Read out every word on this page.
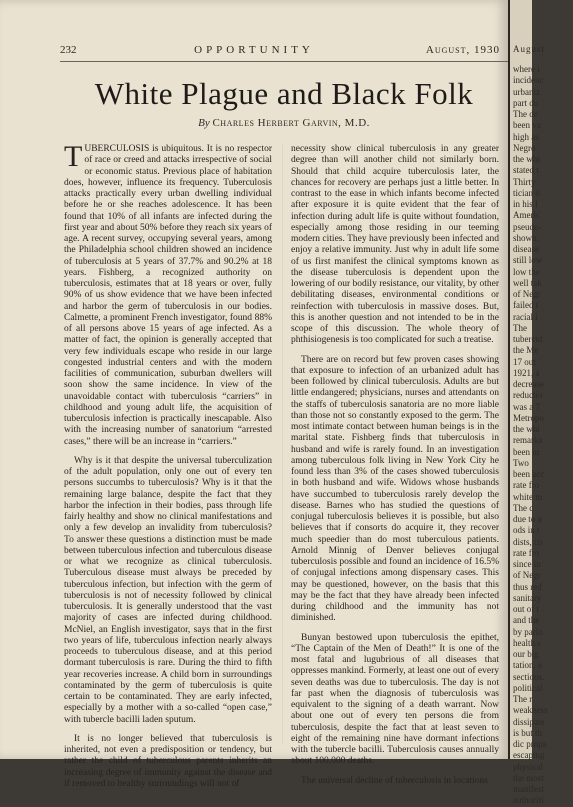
232	OPPORTUNITY	August, 1930
White Plague and Black Folk
By Charles Herbert Garvin, M.D.

TUBERCULOSIS is ubiquitous. It is no respector of race or creed and attacks irrespective of social or economic status. Previous place of habitation does, however, influence its frequency. Tuberculosis attacks practically every urban dwelling individual before he or she reaches adolescence. It has been found that 10% of all infants are infected during the first year and about 50% before they reach six years of age. A recent survey, occupying several years, among the Philadelphia school children showed an incidence of tuberculosis at 5 years of 37.7% and 90.2% at 18 years. Fishberg, a recognized authority on tuberculosis, estimates that at 18 years or over, fully 90% of us show evidence that we have been infected and harbor the germ of tuberculosis in our bodies. Calmette, a prominent French investigator, found 88% of all persons above 15 years of age infected. As a matter of fact, the opinion is generally accepted that very few individuals escape who reside in our large congested industrial centers and with the modern facilities of communication, suburban dwellers will soon show the same incidence. In view of the unavoidable contact with tuberculosis “carriers” in childhood and young adult life, the acquisition of tuberculosis infection is practically inescapable. Also with the increasing number of sanatorium “arrested cases,” there will be an increase in “carriers.”

Why is it that despite the universal tuberculization of the adult population, only one out of every ten persons succumbs to tuberculosis? Why is it that the remaining large balance, despite the fact that they harbor the infection in their bodies, pass through life fairly healthy and show no clinical manifestations and only a few develop an invalidity from tuberculosis? To answer these questions a distinction must be made between tuberculous infection and tuberculous disease or what we recognize as clinical tuberculosis. Tuberculous disease must always be preceded by tuberculous infection, but infection with the germ of tuberculosis is not of necessity followed by clinical tuberculosis. It is generally understood that the vast majority of cases are infected during childhood. McNiel, an English investigator, says that in the first two years of life, tuberculous infection nearly always proceeds to tuberculous disease, and at this period dormant tuberculosis is rare. During the third to fifth year recoveries increase. A child born in surroundings contaminated by the germ of tuberculosis is quite certain to be contaminated. They are early infected, especially by a mother with a so-called “open case,” with tubercle bacilli laden sputum.

It is no longer believed that tuberculosis is inherited, not even a predisposition or tendency, but rather the child of tuberculous parents inherits an increasing degree of immunity against the disease and if removed to healthy surroundings will not of

necessity show clinical tuberculosis in any greater degree than will another child not similarly born. Should that child acquire tuberculosis later, the chances for recovery are perhaps just a little better. In contrast to the ease in which infants become infected after exposure it is quite evident that the fear of infection during adult life is quite without foundation, especially among those residing in our teeming modern cities. They have previously been infected and enjoy a relative immunity. Just why in adult life some of us first manifest the clinical symptoms known as the disease tuberculosis is dependent upon the lowering of our bodily resistance, our vitality, by other debilitating diseases, environmental conditions or reinfection with tuberculosis in massive doses. But, this is another question and not intended to be in the scope of this discussion. The whole theory of phthisiogenesis is too complicated for such a treatise.

There are on record but few proven cases showing that exposure to infection of an urbanized adult has been followed by clinical tuberculosis. Adults are but little endangered; physicians, nurses and attendants on the staffs of tuberculosis sanatoria are no more liable than those not so constantly exposed to the germ. The most intimate contact between human beings is in the marital state. Fishberg finds that tuberculosis in husband and wife is rarely found. In an investigation among tuberculous folk living in New York City he found less than 3% of the cases showed tuberculosis in both husband and wife. Widows whose husbands have succumbed to tuberculosis rarely develop the disease. Barnes who has studied the questions of conjugal tuberculosis believes it is possible, but also believes that if consorts do acquire it, they recover much speedier than do most tuberculous patients. Arnold Minnig of Denver believes conjugal tuberculosis possible and found an incidence of 16.5% of conjugal infections among dispensary cases. This may be questioned, however, on the basis that this may be the fact that they have already been infected during childhood and the immunity has not diminished.

Bunyan bestowed upon tuberculosis the epithet, “The Captain of the Men of Death!” It is one of the most fatal and lugubrious of all diseases that oppresses mankind. Formerly, at least one out of every seven deaths was due to tuberculosis. The day is not far past when the diagnosis of tuberculosis was equivalent to the signing of a death warrant. Now about one out of every ten persons die from tuberculosis, despite the fact that at least seven to eight of the remaining nine have dormant infections with the tubercle bacilli. Tuberculosis causes annually about 100,000 deaths.

The universal decline of tuberculosis in locations

August
where i
incidenc
urbaniz
part du
The de
been va
high as
Negro
the whi
stated t
Thirty
tician o
in his I
Americ
pseudo-
shown
disease
still low
low the
well tak
of Negr
failed t
racial i
The
tubercul
the Me
17 out
1921, a
decrease
reductio
was a 7
Metropo
the whi
remarka
been in
Two
been acc
rate fro
white m
The c
due to a
ods in t
dists, co
rate fro
since in
of Negr
thus red
sanitary
out of t
and the
by parlo
health s
our big
tation, e
sections.
political
The r
weakness
dissipate
is but th
dic propa
escaping
physical
the most
manifest
authoriti
